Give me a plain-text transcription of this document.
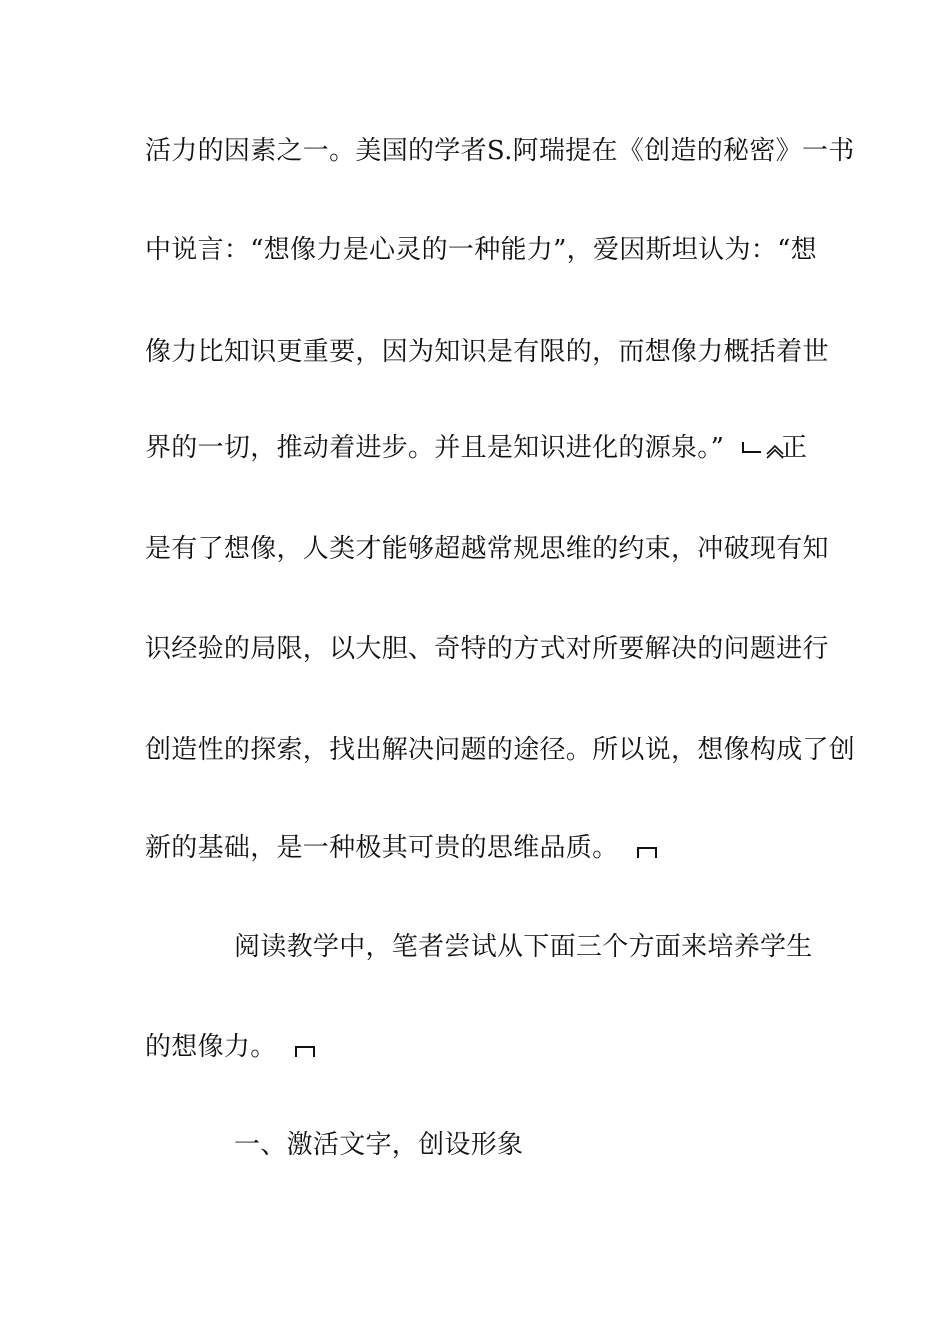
活力的因素之一。美国的学者S.阿瑞提在《创造的秘密》一书
中说言：“想像力是心灵的一种能力”，爱因斯坦认为：“想
像力比知识更重要，因为知识是有限的，而想像力概括着世
界的一切，推动着进步。并且是知识进化的源泉。”	正
是有了想像，人类才能够超越常规思维的约束，冲破现有知
识经验的局限，以大胆、奇特的方式对所要解决的问题进行
创造性的探索，找出解决问题的途径。所以说，想像构成了创
新的基础，是一种极其可贵的思维品质。
阅读教学中，笔者尝试从下面三个方面来培养学生
的想像力。
一、激活文字，创设形象
